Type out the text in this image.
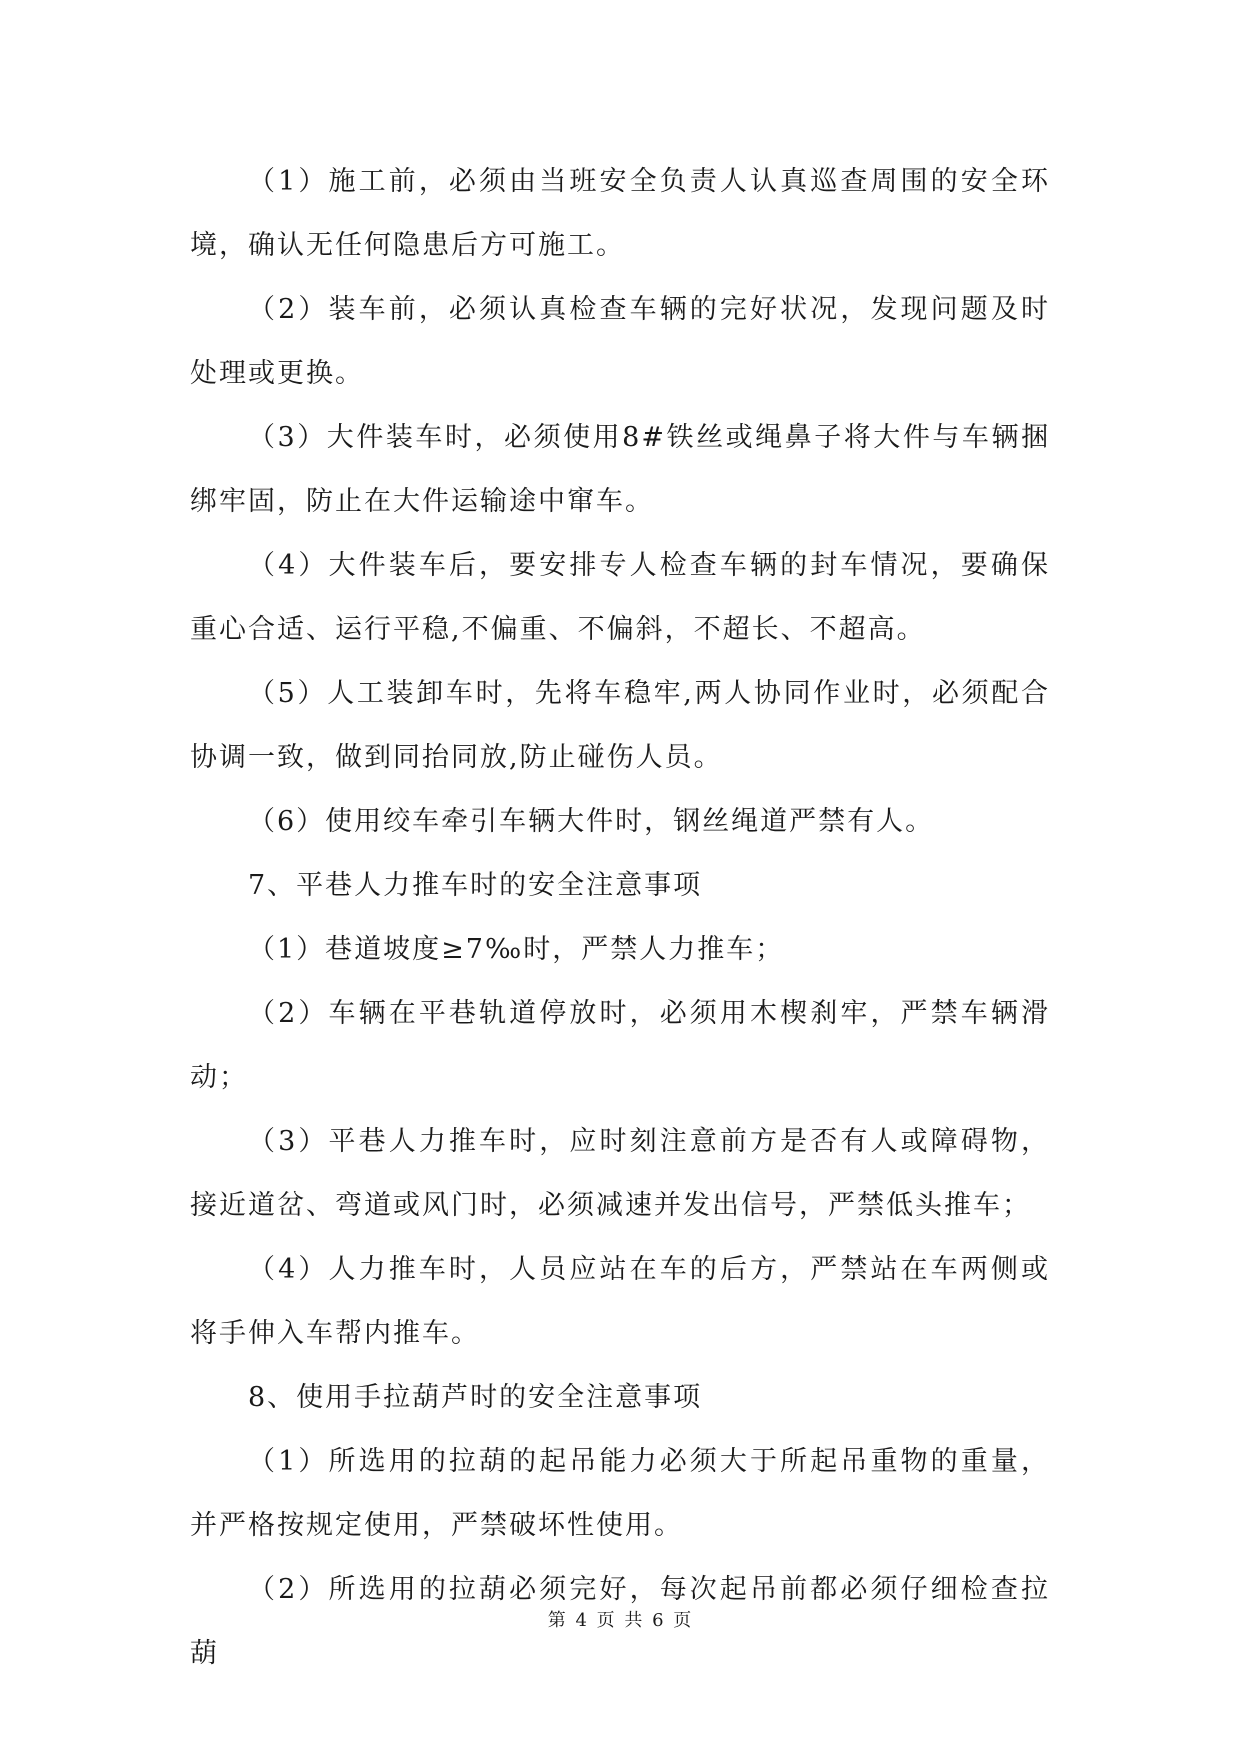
（1）施工前，必须由当班安全负责人认真巡查周围的安全环境，确认无任何隐患后方可施工。

（2）装车前，必须认真检查车辆的完好状况，发现问题及时处理或更换。

（3）大件装车时，必须使用8#铁丝或绳鼻子将大件与车辆捆绑牢固，防止在大件运输途中窜车。

（4）大件装车后，要安排专人检查车辆的封车情况，要确保重心合适、运行平稳,不偏重、不偏斜，不超长、不超高。

（5）人工装卸车时，先将车稳牢,两人协同作业时，必须配合协调一致，做到同抬同放,防止碰伤人员。

（6）使用绞车牵引车辆大件时，钢丝绳道严禁有人。

7、平巷人力推车时的安全注意事项

（1）巷道坡度≥7‰时，严禁人力推车；

（2）车辆在平巷轨道停放时，必须用木楔刹牢，严禁车辆滑动；

（3）平巷人力推车时，应时刻注意前方是否有人或障碍物，接近道岔、弯道或风门时，必须减速并发出信号，严禁低头推车；

（4）人力推车时，人员应站在车的后方，严禁站在车两侧或将手伸入车帮内推车。

8、使用手拉葫芦时的安全注意事项

（1）所选用的拉葫的起吊能力必须大于所起吊重物的重量，并严格按规定使用，严禁破坏性使用。

（2）所选用的拉葫必须完好，每次起吊前都必须仔细检查拉葫

第 4 页 共 6 页
